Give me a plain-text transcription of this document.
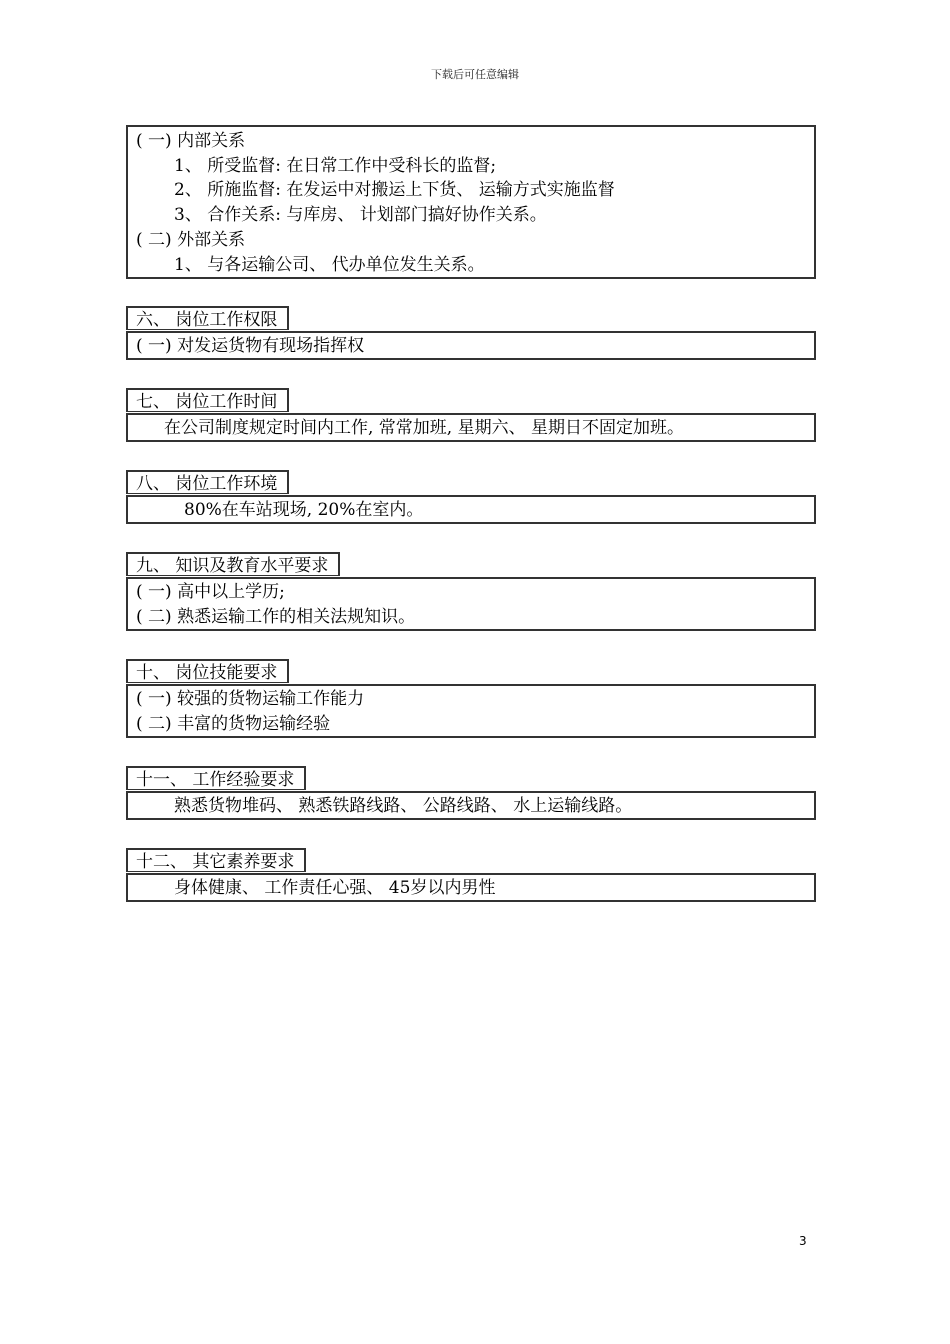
下载后可任意编辑
( 一) 内部关系
1、 所受监督: 在日常工作中受科长的监督;
2、 所施监督: 在发运中对搬运上下货、 运输方式实施监督
3、 合作关系: 与库房、 计划部门搞好协作关系。
( 二) 外部关系
1、 与各运输公司、 代办单位发生关系。
六、 岗位工作权限
( 一) 对发运货物有现场指挥权
七、 岗位工作时间
在公司制度规定时间内工作, 常常加班, 星期六、 星期日不固定加班。
八、 岗位工作环境
80%在车站现场, 20%在室内。
九、 知识及教育水平要求
( 一) 高中以上学历;
( 二) 熟悉运输工作的相关法规知识。
十、 岗位技能要求
( 一) 较强的货物运输工作能力
( 二) 丰富的货物运输经验
十一、 工作经验要求
熟悉货物堆码、 熟悉铁路线路、 公路线路、 水上运输线路。
十二、 其它素养要求
身体健康、 工作责任心强、 45岁以内男性
3
